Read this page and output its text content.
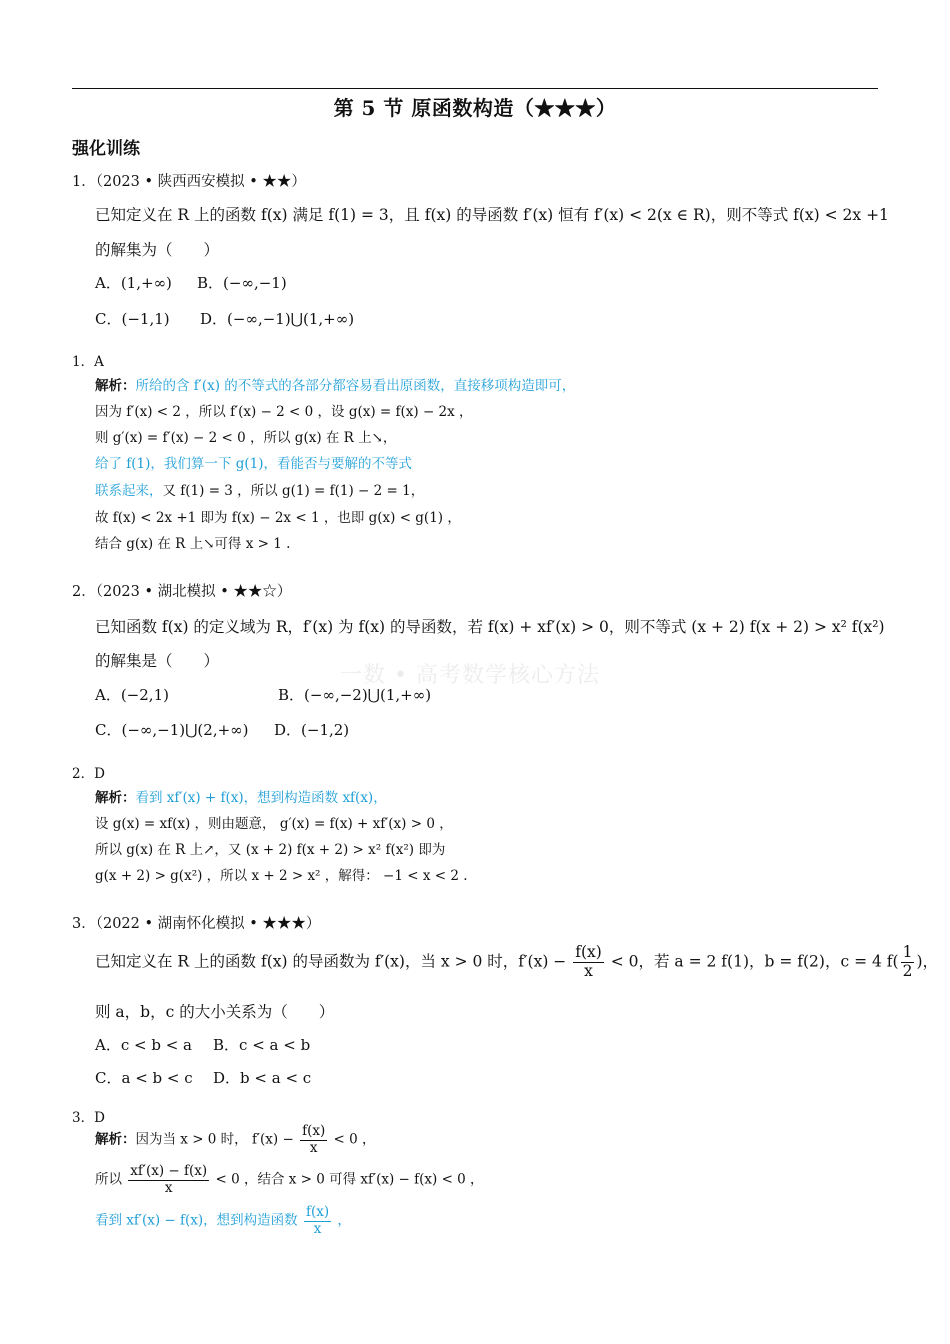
第 5 节 原函数构造（★★★）
强化训练
一数 • 高考数学核心方法
1．（2023 • 陕西西安模拟 • ★★）
已知定义在 R 上的函数 f(x) 满足 f(1) = 3，且 f(x) 的导函数 f′(x) 恒有 f′(x) < 2(x ∈ R)，则不等式 f(x) < 2x +1
的解集为（　　）
A．(1,+∞) B．(−∞,−1)
C．(−1,1) D．(−∞,−1)⋃(1,+∞)
1．A
解析：所给的含 f′(x) 的不等式的各部分都容易看出原函数，直接移项构造即可，
因为 f′(x) < 2 ，所以 f′(x) − 2 < 0 ，设 g(x) = f(x) − 2x ，
则 g′(x) = f′(x) − 2 < 0 ，所以 g(x) 在 R 上↘，
给了 f(1)，我们算一下 g(1)，看能否与要解的不等式
联系起来，又 f(1) = 3 ，所以 g(1) = f(1) − 2 = 1，
故 f(x) < 2x +1 即为 f(x) − 2x < 1 ，也即 g(x) < g(1) ，
结合 g(x) 在 R 上↘可得 x > 1 .
2．（2023 • 湖北模拟 • ★★☆）
已知函数 f(x) 的定义域为 R，f′(x) 为 f(x) 的导函数，若 f(x) + xf′(x) > 0，则不等式 (x + 2) f(x + 2) > x² f(x²)
的解集是（　　）
A．(−2,1)	B．(−∞,−2)⋃(1,+∞)
C．(−∞,−1)⋃(2,+∞) D．(−1,2)
2．D
解析：看到 xf′(x) + f(x)，想到构造函数 xf(x)，
设 g(x) = xf(x) ，则由题意， g′(x) = f(x) + xf′(x) > 0 ，
所以 g(x) 在 R 上↗，又 (x + 2) f(x + 2) > x² f(x²) 即为
g(x + 2) > g(x²) ，所以 x + 2 > x² ，解得： −1 < x < 2 .
3．（2022 • 湖南怀化模拟 • ★★★）
已知定义在 R 上的函数 f(x) 的导函数为 f′(x)，当 x > 0 时，$f'(x) - \frac{f(x)}{x} < 0$，若 a = 2 f(1)，b = f(2)，c = 4 $f( \frac{1}{2}$ )，
则 a，b，c 的大小关系为（　　）
A．c < b < a B．c < a < b
C．a < b < c D．b < a < c
3．D
解析：因为当 x > 0 时， $f'(x) - \frac{f(x)}{x} < 0$ ，
所以 $\frac{xf'(x) - f(x)}{x} < 0$ ，结合 x > 0 可得 xf′(x) − f(x) < 0 ，
看到 xf′(x) − f(x)，想到构造函数 $\frac{f(x)}{x}$ ，
